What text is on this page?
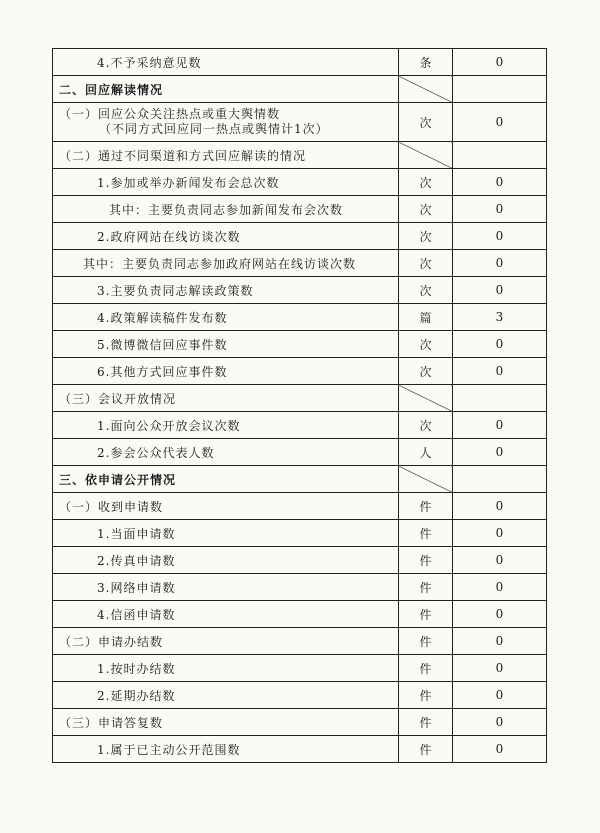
4.不予采纳意见数	条	0
二、回应解读情况		
（一）回应公众关注热点或重大舆情数
（不同方式回应同一热点或舆情计1次）	次	0
（二）通过不同渠道和方式回应解读的情况		
1.参加或举办新闻发布会总次数	次	0
其中：主要负责同志参加新闻发布会次数	次	0
2.政府网站在线访谈次数	次	0
其中：主要负责同志参加政府网站在线访谈次数	次	0
3.主要负责同志解读政策数	次	0
4.政策解读稿件发布数	篇	3
5.微博微信回应事件数	次	0
6.其他方式回应事件数	次	0
（三）会议开放情况		
1.面向公众开放会议次数	次	0
2.参会公众代表人数	人	0
三、依申请公开情况		
（一）收到申请数	件	0
1.当面申请数	件	0
2.传真申请数	件	0
3.网络申请数	件	0
4.信函申请数	件	0
（二）申请办结数	件	0
1.按时办结数	件	0
2.延期办结数	件	0
（三）申请答复数	件	0
1.属于已主动公开范围数	件	0
